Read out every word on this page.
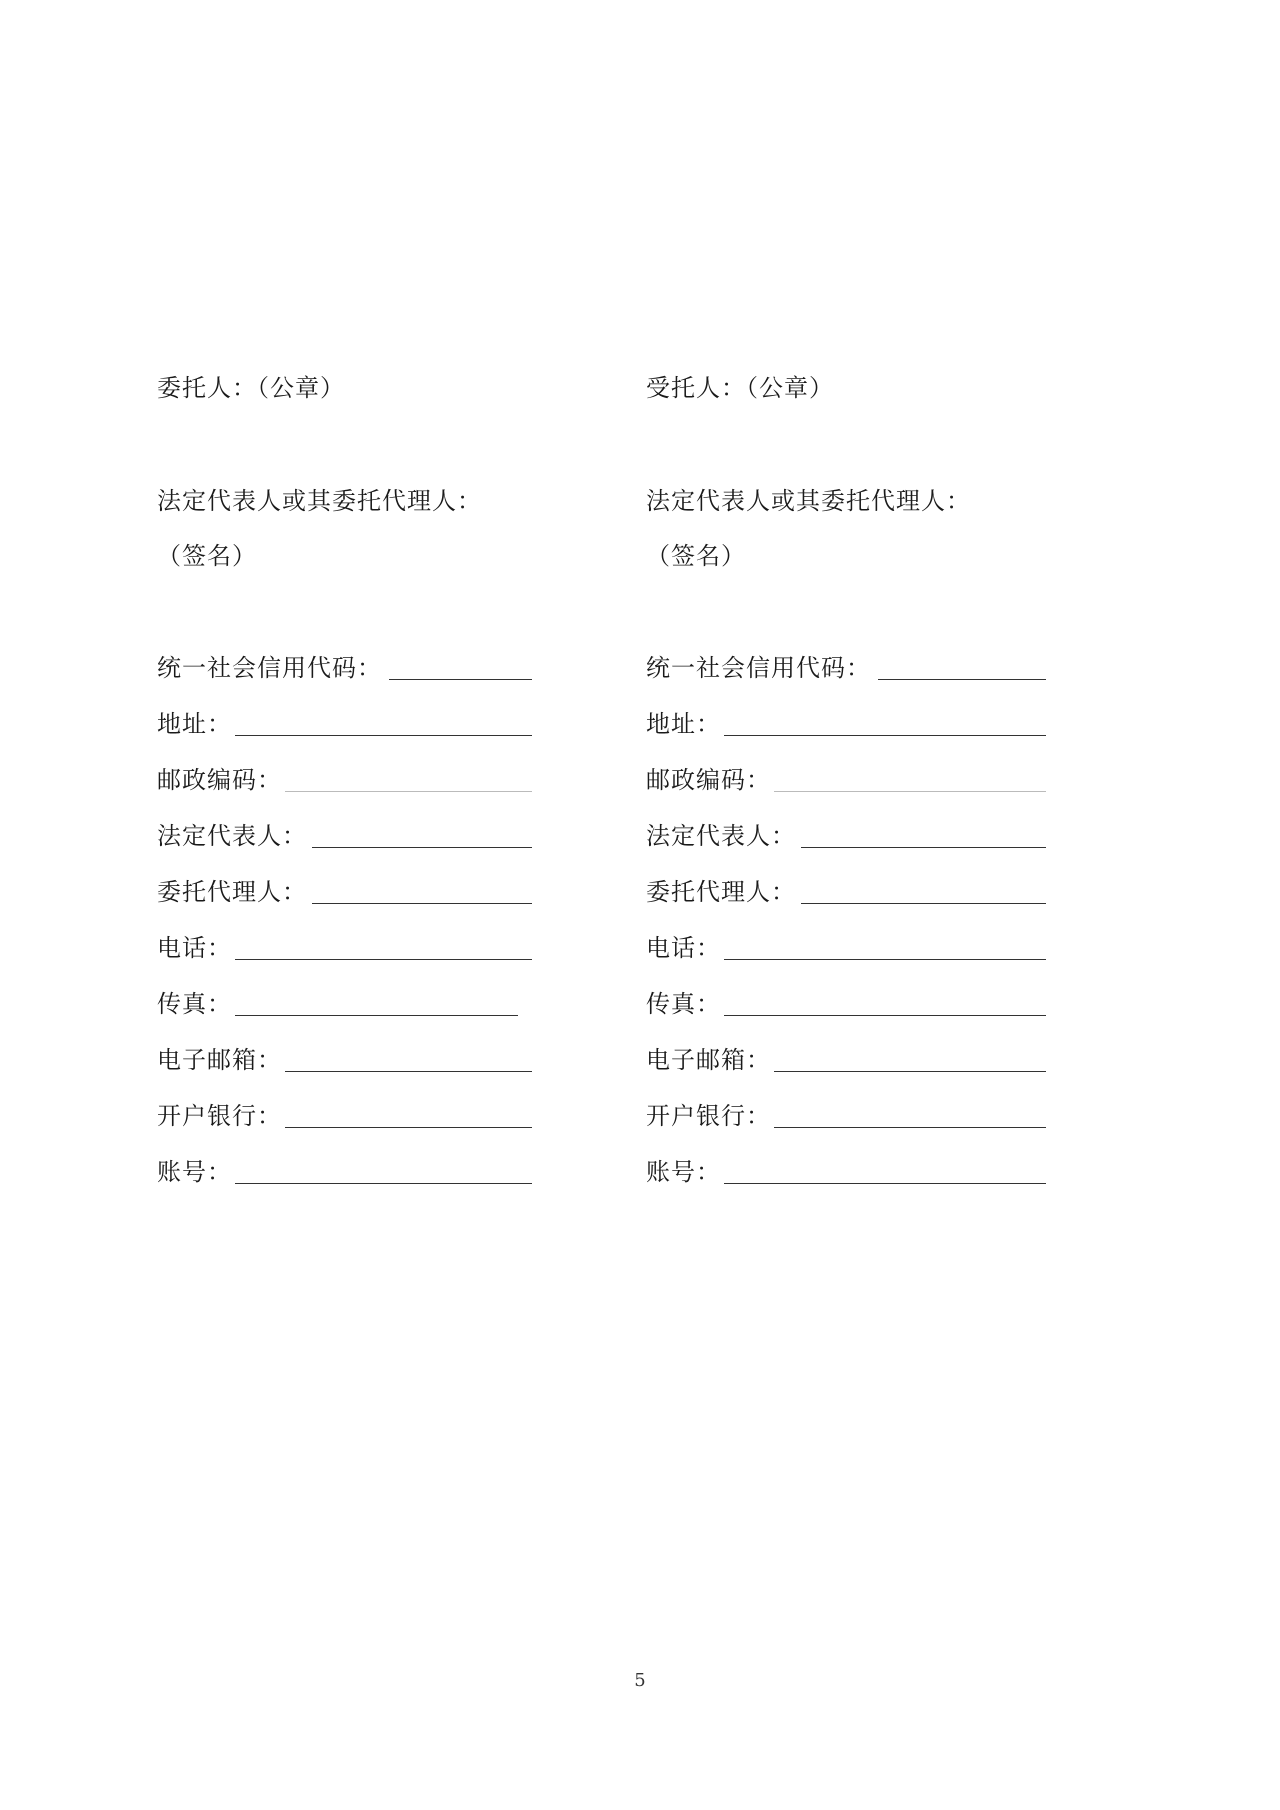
委托人：（公章）
法定代表人或其委托代理人：
（签名）
统一社会信用代码：
地址：
邮政编码：
法定代表人：
委托代理人：
电话：
传真：
电子邮箱：
开户银行：
账号：
受托人：（公章）
法定代表人或其委托代理人：
（签名）
统一社会信用代码：
地址：
邮政编码：
法定代表人：
委托代理人：
电话：
传真：
电子邮箱：
开户银行：
账号：
5
